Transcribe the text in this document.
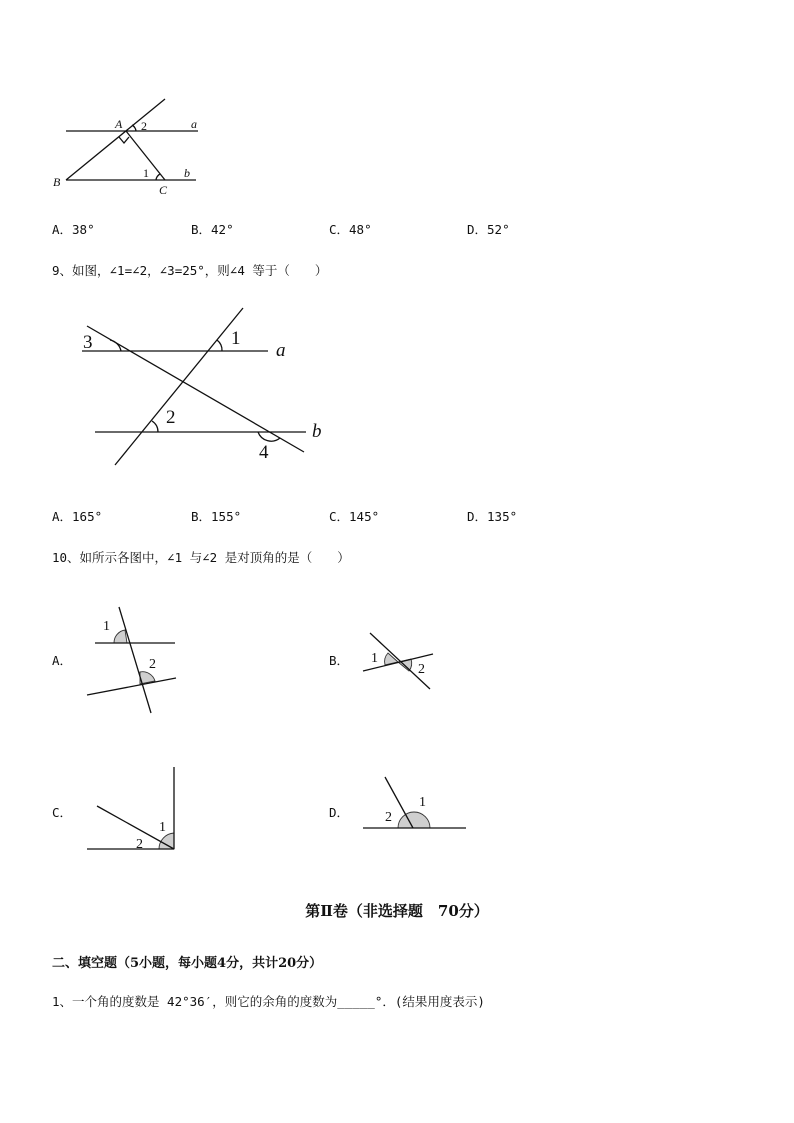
A 2	a
1
B
C
b
A．38°	B．42°	C．48°	D．52°
9、如图，∠1=∠2，∠3=25°，则∠4 等于（　　）
3	1
a
2
b
4
A．165°	B．155°	C．145°	D．135°
10、如所示各图中，∠1 与∠2 是对顶角的是（　　）
A．	B．
C．	D．
1
2	1
2
1
2
2
1
第Ⅱ卷（非选择题　70分）
二、填空题（5小题，每小题4分，共计20分）
1、一个角的度数是 42°36′，则它的余角的度数为_____°．(结果用度表示)
